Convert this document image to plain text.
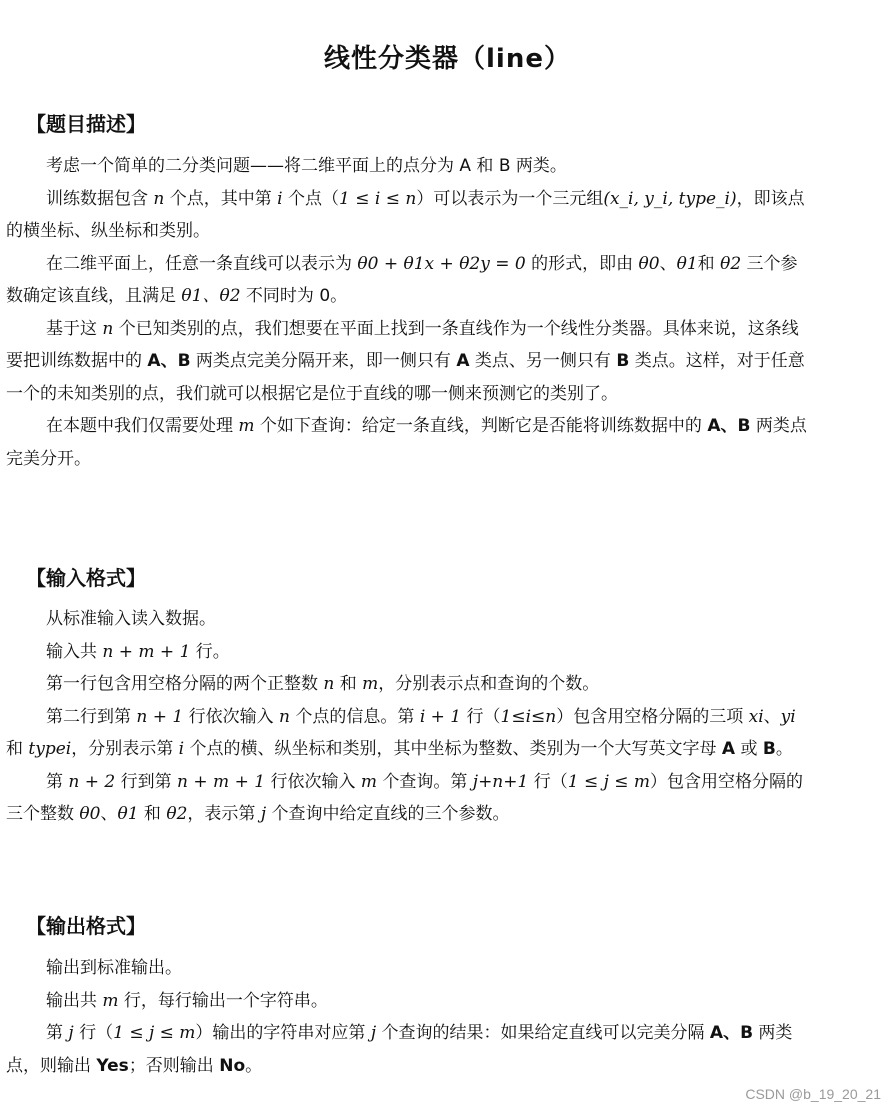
线性分类器（line）
【题目描述】

考虑一个简单的二分类问题——将二维平面上的点分为 A 和 B 两类。

训练数据包含 n 个点，其中第 i 个点（1 ≤ i ≤ n）可以表示为一个三元组(x_i, y_i, type_i)，即该点的横坐标、纵坐标和类别。

在二维平面上，任意一条直线可以表示为 θ0 + θ1x + θ2y = 0 的形式，即由 θ0、θ1和 θ2 三个参数确定该直线，且满足 θ1、θ2 不同时为 0。

基于这 n 个已知类别的点，我们想要在平面上找到一条直线作为一个线性分类器。具体来说，这条线要把训练数据中的 A、B 两类点完美分隔开来，即一侧只有 A 类点、另一侧只有 B 类点。这样，对于任意一个的未知类别的点，我们就可以根据它是位于直线的哪一侧来预测它的类别了。

在本题中我们仅需要处理 m 个如下查询：给定一条直线，判断它是否能将训练数据中的 A、B 两类点完美分开。

【输入格式】

从标准输入读入数据。

输入共 n + m + 1 行。

第一行包含用空格分隔的两个正整数 n 和 m，分别表示点和查询的个数。

第二行到第 n + 1 行依次输入 n 个点的信息。第 i + 1 行（1≤i≤n）包含用空格分隔的三项 xi、yi 和 typei，分别表示第 i 个点的横、纵坐标和类别，其中坐标为整数、类别为一个大写英文字母 A 或 B。

第 n + 2 行到第 n + m + 1 行依次输入 m 个查询。第 j+n+1 行（1 ≤ j ≤ m）包含用空格分隔的三个整数 θ0、θ1 和 θ2，表示第 j 个查询中给定直线的三个参数。

【输出格式】

输出到标准输出。

输出共 m 行，每行输出一个字符串。

第 j 行（1 ≤ j ≤ m）输出的字符串对应第 j 个查询的结果：如果给定直线可以完美分隔 A、B 两类点，则输出 Yes；否则输出 No。

CSDN @b_19_20_21
